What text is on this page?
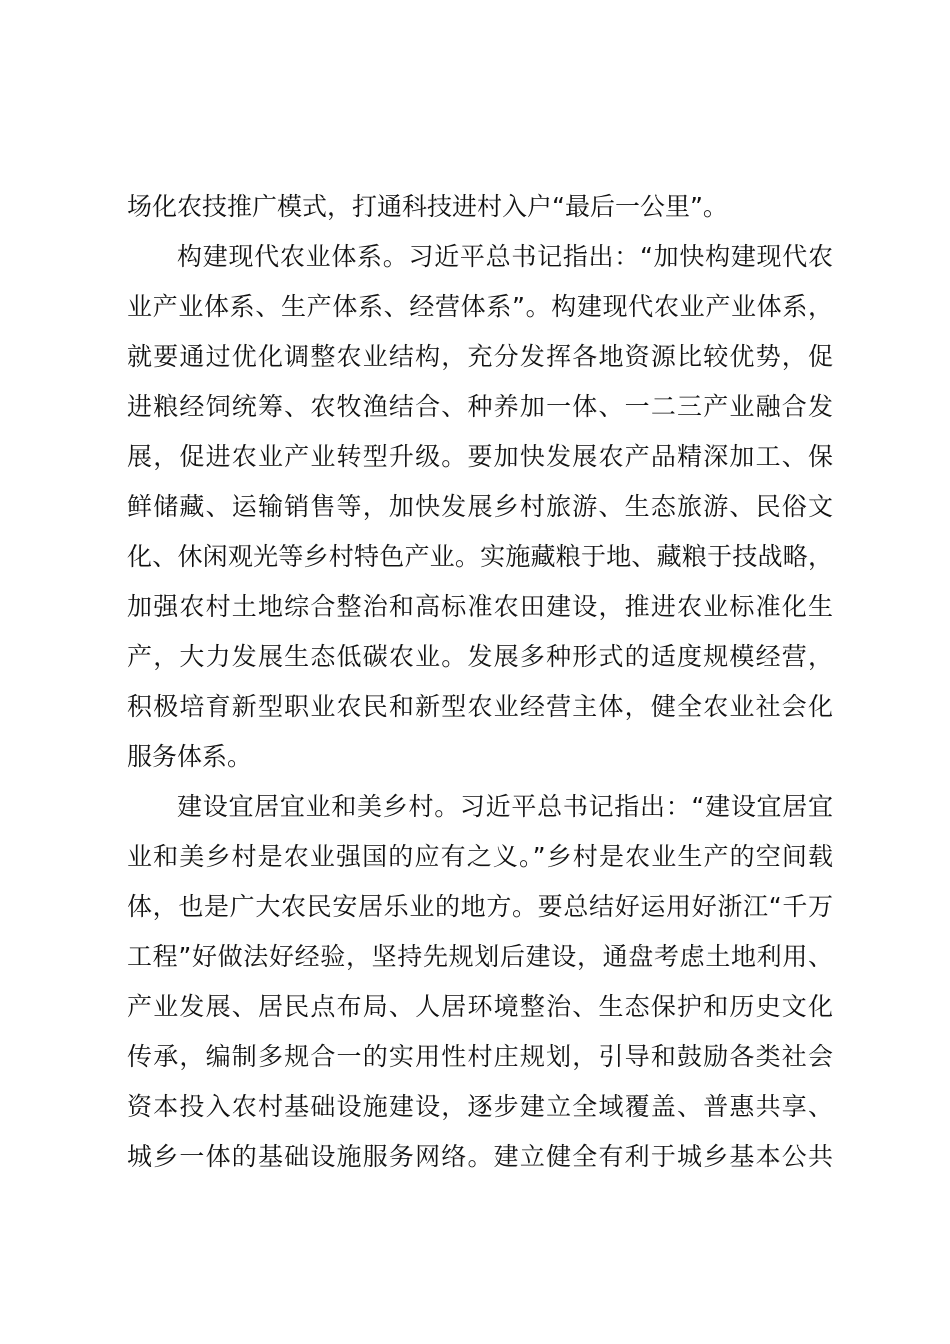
场化农技推广模式，打通科技进村入户“最后一公里”。
构建现代农业体系。习近平总书记指出：“加快构建现代农
业产业体系、生产体系、经营体系”。构建现代农业产业体系，
就要通过优化调整农业结构，充分发挥各地资源比较优势，促
进粮经饲统筹、农牧渔结合、种养加一体、一二三产业融合发
展，促进农业产业转型升级。要加快发展农产品精深加工、保
鲜储藏、运输销售等，加快发展乡村旅游、生态旅游、民俗文
化、休闲观光等乡村特色产业。实施藏粮于地、藏粮于技战略，
加强农村土地综合整治和高标准农田建设，推进农业标准化生
产，大力发展生态低碳农业。发展多种形式的适度规模经营，
积极培育新型职业农民和新型农业经营主体，健全农业社会化
服务体系。
建设宜居宜业和美乡村。习近平总书记指出：“建设宜居宜
业和美乡村是农业强国的应有之义。”乡村是农业生产的空间载
体，也是广大农民安居乐业的地方。要总结好运用好浙江“千万
工程”好做法好经验，坚持先规划后建设，通盘考虑土地利用、
产业发展、居民点布局、人居环境整治、生态保护和历史文化
传承，编制多规合一的实用性村庄规划，引导和鼓励各类社会
资本投入农村基础设施建设，逐步建立全域覆盖、普惠共享、
城乡一体的基础设施服务网络。建立健全有利于城乡基本公共
